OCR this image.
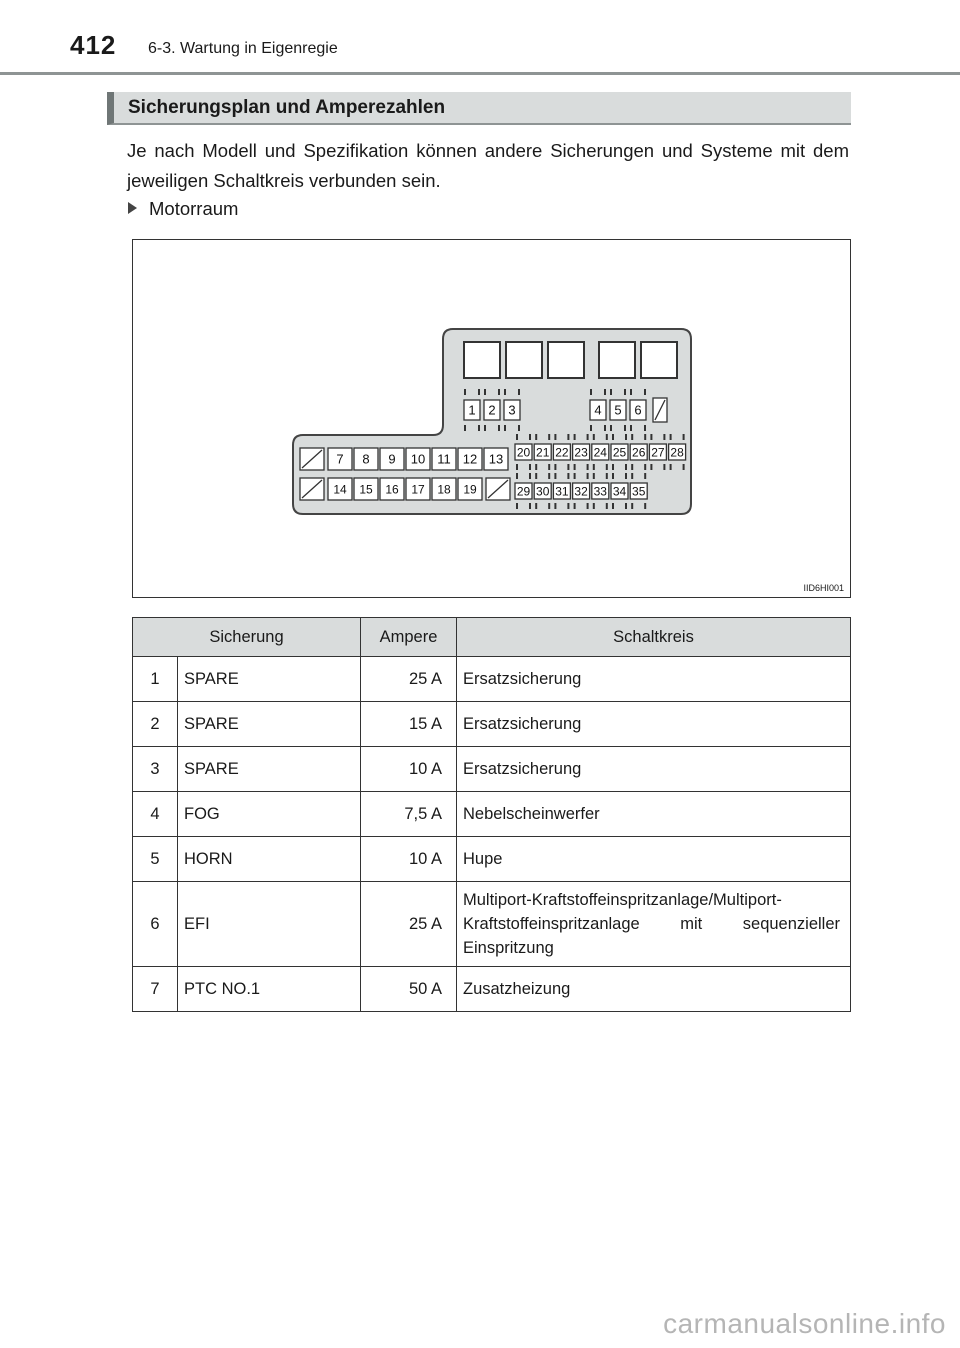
412 6-3. Wartung in Eigenregie
Sicherungsplan und Amperezahlen
Je nach Modell und Spezifikation können andere Sicherungen und Systeme mit dem jeweiligen Schaltkreis verbunden sein.
Motorraum
1 2 3	4 5 6
7 8 9 10 11 12 13
14 15 16 17 18 19
20 21 22 23 24 25 26 27 28
29 30 31 32 33 34 35
IID6HI001
Sicherung		Ampere	Schaltkreis
1	SPARE	25 A	Ersatzsicherung
2	SPARE	15 A	Ersatzsicherung
3	SPARE	10 A	Ersatzsicherung
4	FOG	7,5 A	Nebelscheinwerfer
5	HORN	10 A	Hupe
6	EFI	25 A	Multiport-Kraftstoffeinspritzanlage/Multiport-Kraftstoffeinspritzanlage mit sequenzieller Einspritzung
7	PTC NO.1	50 A	Zusatzheizung
carmanualsonline.info
